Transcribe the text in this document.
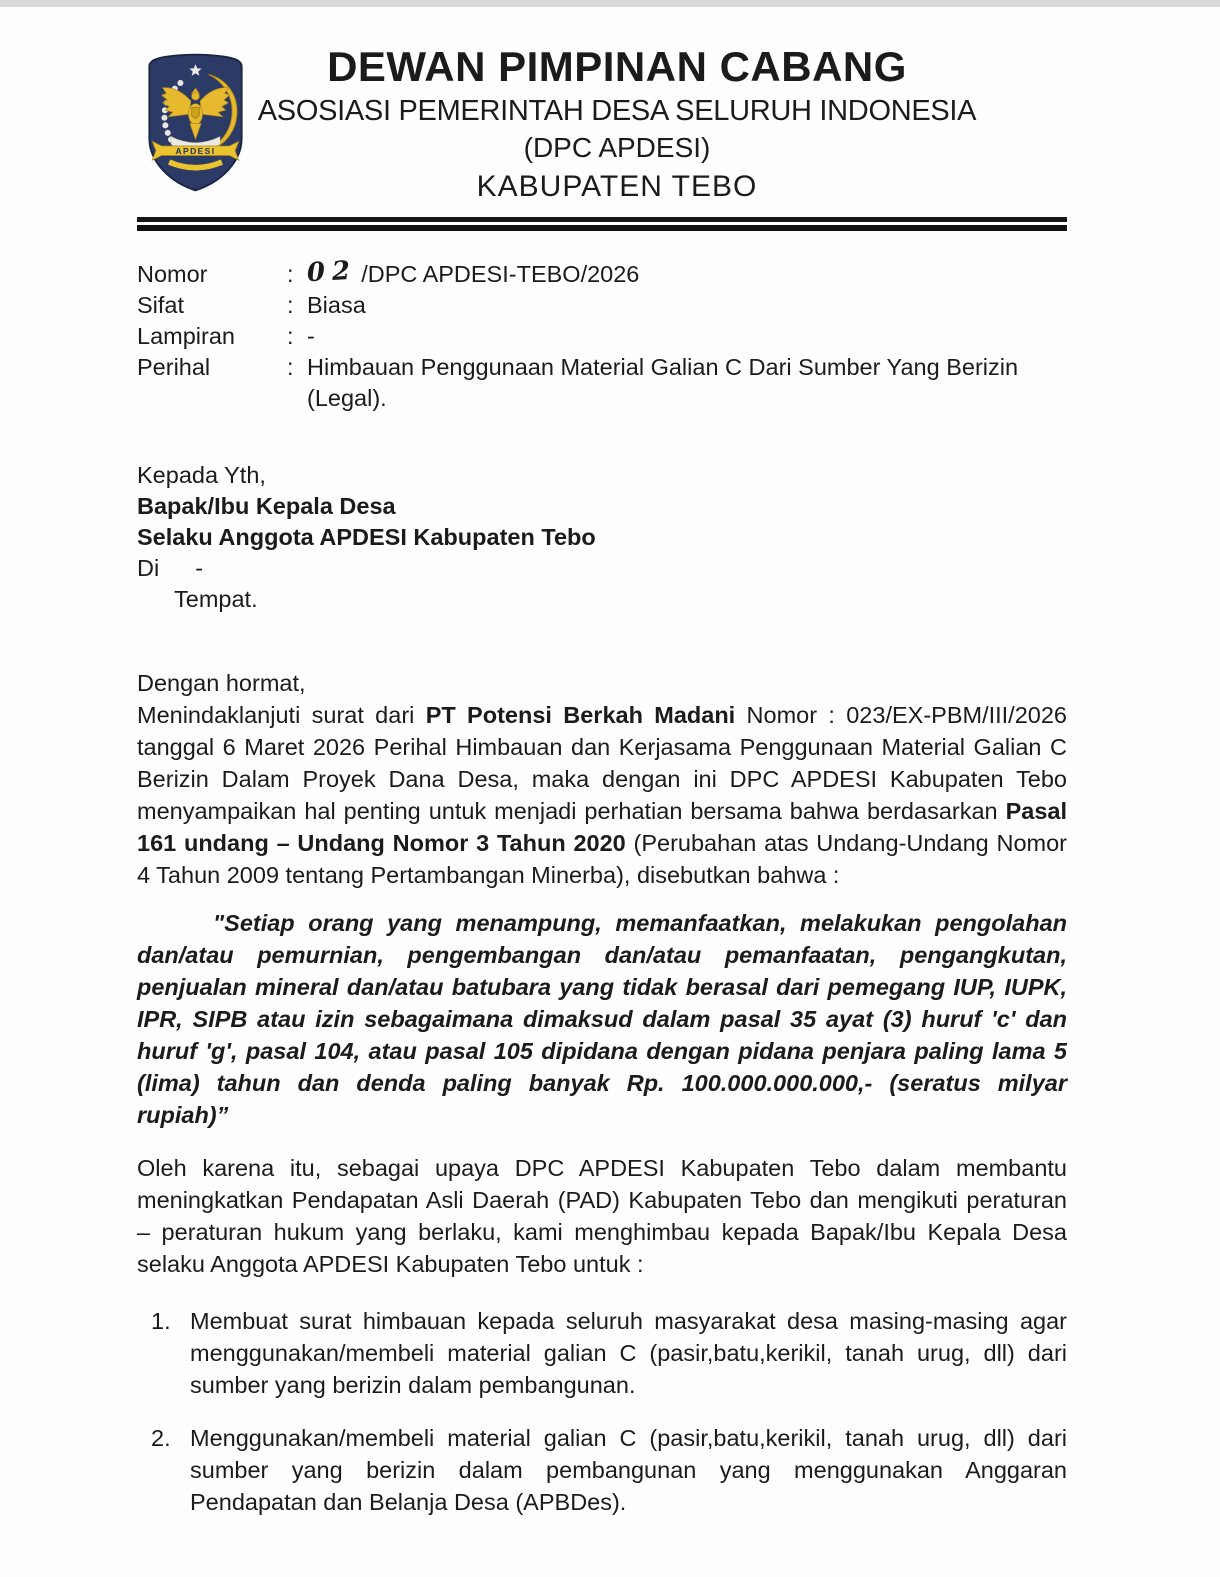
APDESI
DEWAN PIMPINAN CABANG
ASOSIASI PEMERINTAH DESA SELURUH INDONESIA
(DPC APDESI)
KABUPATEN TEBO
Nomor	: 02 /DPC APDESI-TEBO/2026
Sifat	: Biasa
Lampiran	: -
Perihal	: Himbauan Penggunaan Material Galian C Dari Sumber Yang Berizin (Legal).
Kepada Yth,
Bapak/Ibu Kepala Desa
Selaku Anggota APDESI Kabupaten Tebo
Di -
Tempat.
Dengan hormat,
Menindaklanjuti surat dari PT Potensi Berkah Madani Nomor : 023/EX-PBM/III/2026 tanggal 6 Maret 2026 Perihal Himbauan dan Kerjasama Penggunaan Material Galian C Berizin Dalam Proyek Dana Desa, maka dengan ini DPC APDESI Kabupaten Tebo menyampaikan hal penting untuk menjadi perhatian bersama bahwa berdasarkan Pasal 161 undang – Undang Nomor 3 Tahun 2020 (Perubahan atas Undang-Undang Nomor 4 Tahun 2009 tentang Pertambangan Minerba), disebutkan bahwa :
"Setiap orang yang menampung, memanfaatkan, melakukan pengolahan dan/atau pemurnian, pengembangan dan/atau pemanfaatan, pengangkutan, penjualan mineral dan/atau batubara yang tidak berasal dari pemegang IUP, IUPK, IPR, SIPB atau izin sebagaimana dimaksud dalam pasal 35 ayat (3) huruf 'c' dan huruf 'g', pasal 104, atau pasal 105 dipidana dengan pidana penjara paling lama 5 (lima) tahun dan denda paling banyak Rp. 100.000.000.000,- (seratus milyar rupiah)”
Oleh karena itu, sebagai upaya DPC APDESI Kabupaten Tebo dalam membantu meningkatkan Pendapatan Asli Daerah (PAD) Kabupaten Tebo dan mengikuti peraturan – peraturan hukum yang berlaku, kami menghimbau kepada Bapak/Ibu Kepala Desa selaku Anggota APDESI Kabupaten Tebo untuk :
1. Membuat surat himbauan kepada seluruh masyarakat desa masing-masing agar menggunakan/membeli material galian C (pasir,batu,kerikil, tanah urug, dll) dari sumber yang berizin dalam pembangunan.
2. Menggunakan/membeli material galian C (pasir,batu,kerikil, tanah urug, dll) dari sumber yang berizin dalam pembangunan yang menggunakan Anggaran Pendapatan dan Belanja Desa (APBDes).
